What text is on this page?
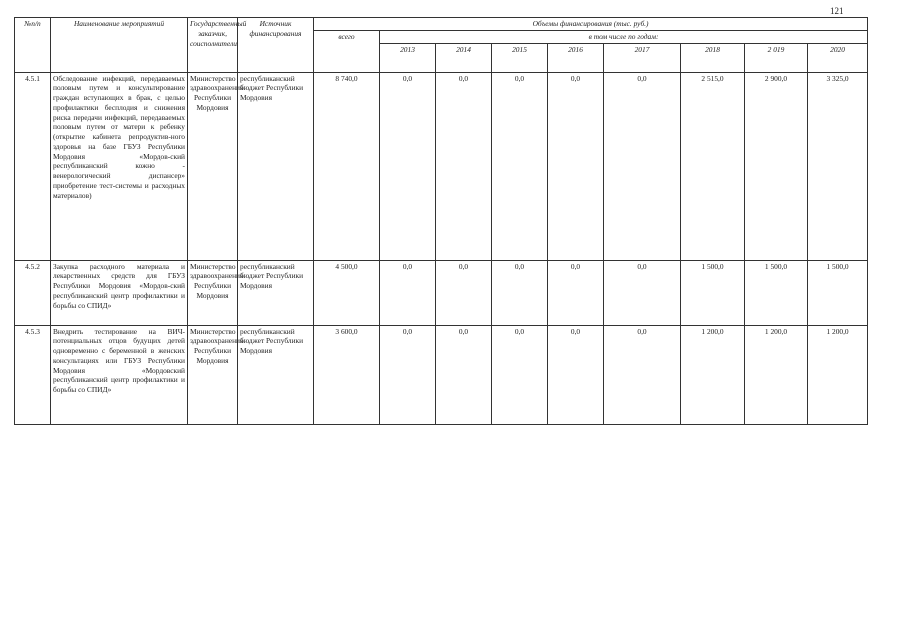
121
№п/п	Наименование мероприятий	Государственный заказчик, соисполнители	Источник финансирования	Объемы финансирования (тыс. руб.)								
				всего	в том числе по годам:							
					2013	2014	2015	2016	2017	2018	2 019	2020
4.5.1	Обследование инфекций, передаваемых половым путем и консультирование граждан вступающих в брак, с целью профилактики бесплодия и снижения риска передачи инфекций, передаваемых половым путем от матери к ребенку (открытие кабинета репродуктив-ного здоровья на базе ГБУЗ Республики Мордовия «Мордов-ский республиканский кожно - венерологический диспансер» приобретение тест-системы и расходных материалов)	Министерство здравоохранения Республики Мордовия	республиканский бюджет Республики Мордовия	8 740,0	0,0	0,0	0,0	0,0	0,0	2 515,0	2 900,0	3 325,0
4.5.2	Закупка расходного материала и лекарственных средств для ГБУЗ Республики Мордовия «Мордов-ский республиканский центр профилактики и борьбы со СПИД»	Министерство здравоохранения Республики Мордовия	республиканский бюджет Республики Мордовия	4 500,0	0,0	0,0	0,0	0,0	0,0	1 500,0	1 500,0	1 500,0
4.5.3	Внедрить тестирование на ВИЧ-потенциальных отцов будущих детей одновременно с беременной в женских консультациях или ГБУЗ Республики Мордовия «Мордовский республиканский центр профилактики и борьбы со СПИД»	Министерство здравоохранения Республики Мордовия	республиканский бюджет Республики Мордовия	3 600,0	0,0	0,0	0,0	0,0	0,0	1 200,0	1 200,0	1 200,0
